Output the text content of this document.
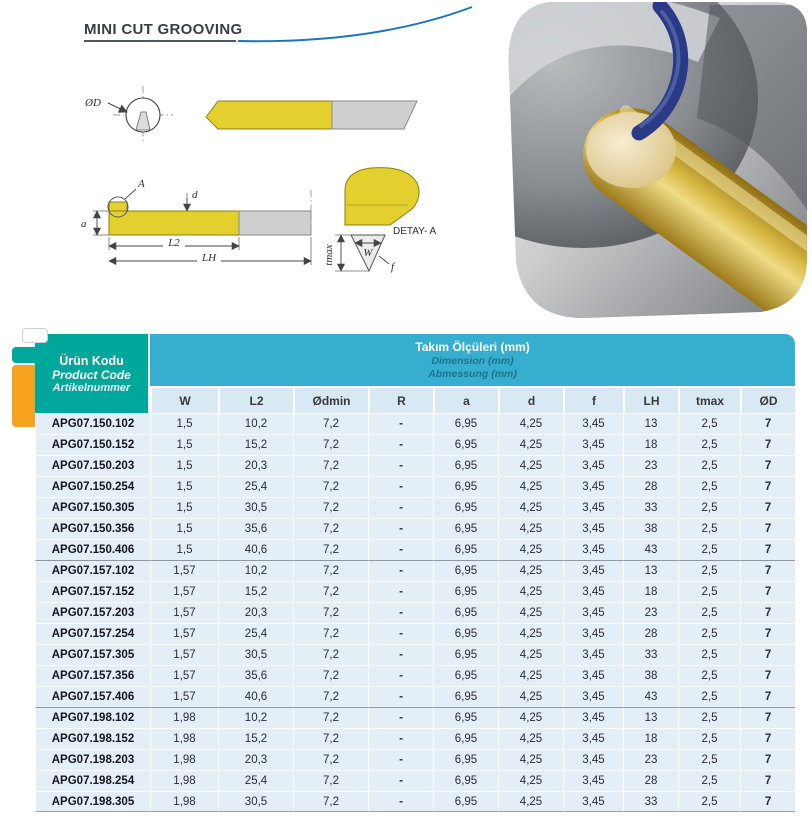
MINI CUT GROOVING
ØD
A
a
d
L2
LH	tmax	W
f
DETAY- A
Ürün Kodu
Product Code
Artikelnummer

Takım Ölçüleri (mm)
Dimension (mm)
Abmessung (mm)

	W	L2	Ødmin	R	a	d	f	LH	tmax	ØD
APG07.150.102	1,5	10,2	7,2	-	6,95	4,25	3,45	13	2,5	7
APG07.150.152	1,5	15,2	7,2	-	6,95	4,25	3,45	18	2,5	7
APG07.150.203	1,5	20,3	7,2	-	6,95	4,25	3,45	23	2,5	7
APG07.150.254	1,5	25,4	7,2	-	6,95	4,25	3,45	28	2,5	7
APG07.150.305	1,5	30,5	7,2	-	6,95	4,25	3,45	33	2,5	7
APG07.150.356	1,5	35,6	7,2	-	6,95	4,25	3,45	38	2,5	7
APG07.150.406	1,5	40,6	7,2	-	6,95	4,25	3,45	43	2,5	7
APG07.157.102	1,57	10,2	7,2	-	6,95	4,25	3,45	13	2,5	7
APG07.157.152	1,57	15,2	7,2	-	6,95	4,25	3,45	18	2,5	7
APG07.157.203	1,57	20,3	7,2	-	6,95	4,25	3,45	23	2,5	7
APG07.157.254	1,57	25,4	7,2	-	6,95	4,25	3,45	28	2,5	7
APG07.157.305	1,57	30,5	7,2	-	6,95	4,25	3,45	33	2,5	7
APG07.157.356	1,57	35,6	7,2	-	6,95	4,25	3,45	38	2,5	7
APG07.157.406	1,57	40,6	7,2	-	6,95	4,25	3,45	43	2,5	7
APG07.198.102	1,98	10,2	7,2	-	6,95	4,25	3,45	13	2,5	7
APG07.198.152	1,98	15,2	7,2	-	6,95	4,25	3,45	18	2,5	7
APG07.198.203	1,98	20,3	7,2	-	6,95	4,25	3,45	23	2,5	7
APG07.198.254	1,98	25,4	7,2	-	6,95	4,25	3,45	28	2,5	7
APG07.198.305	1,98	30,5	7,2	-	6,95	4,25	3,45	33	2,5	7
